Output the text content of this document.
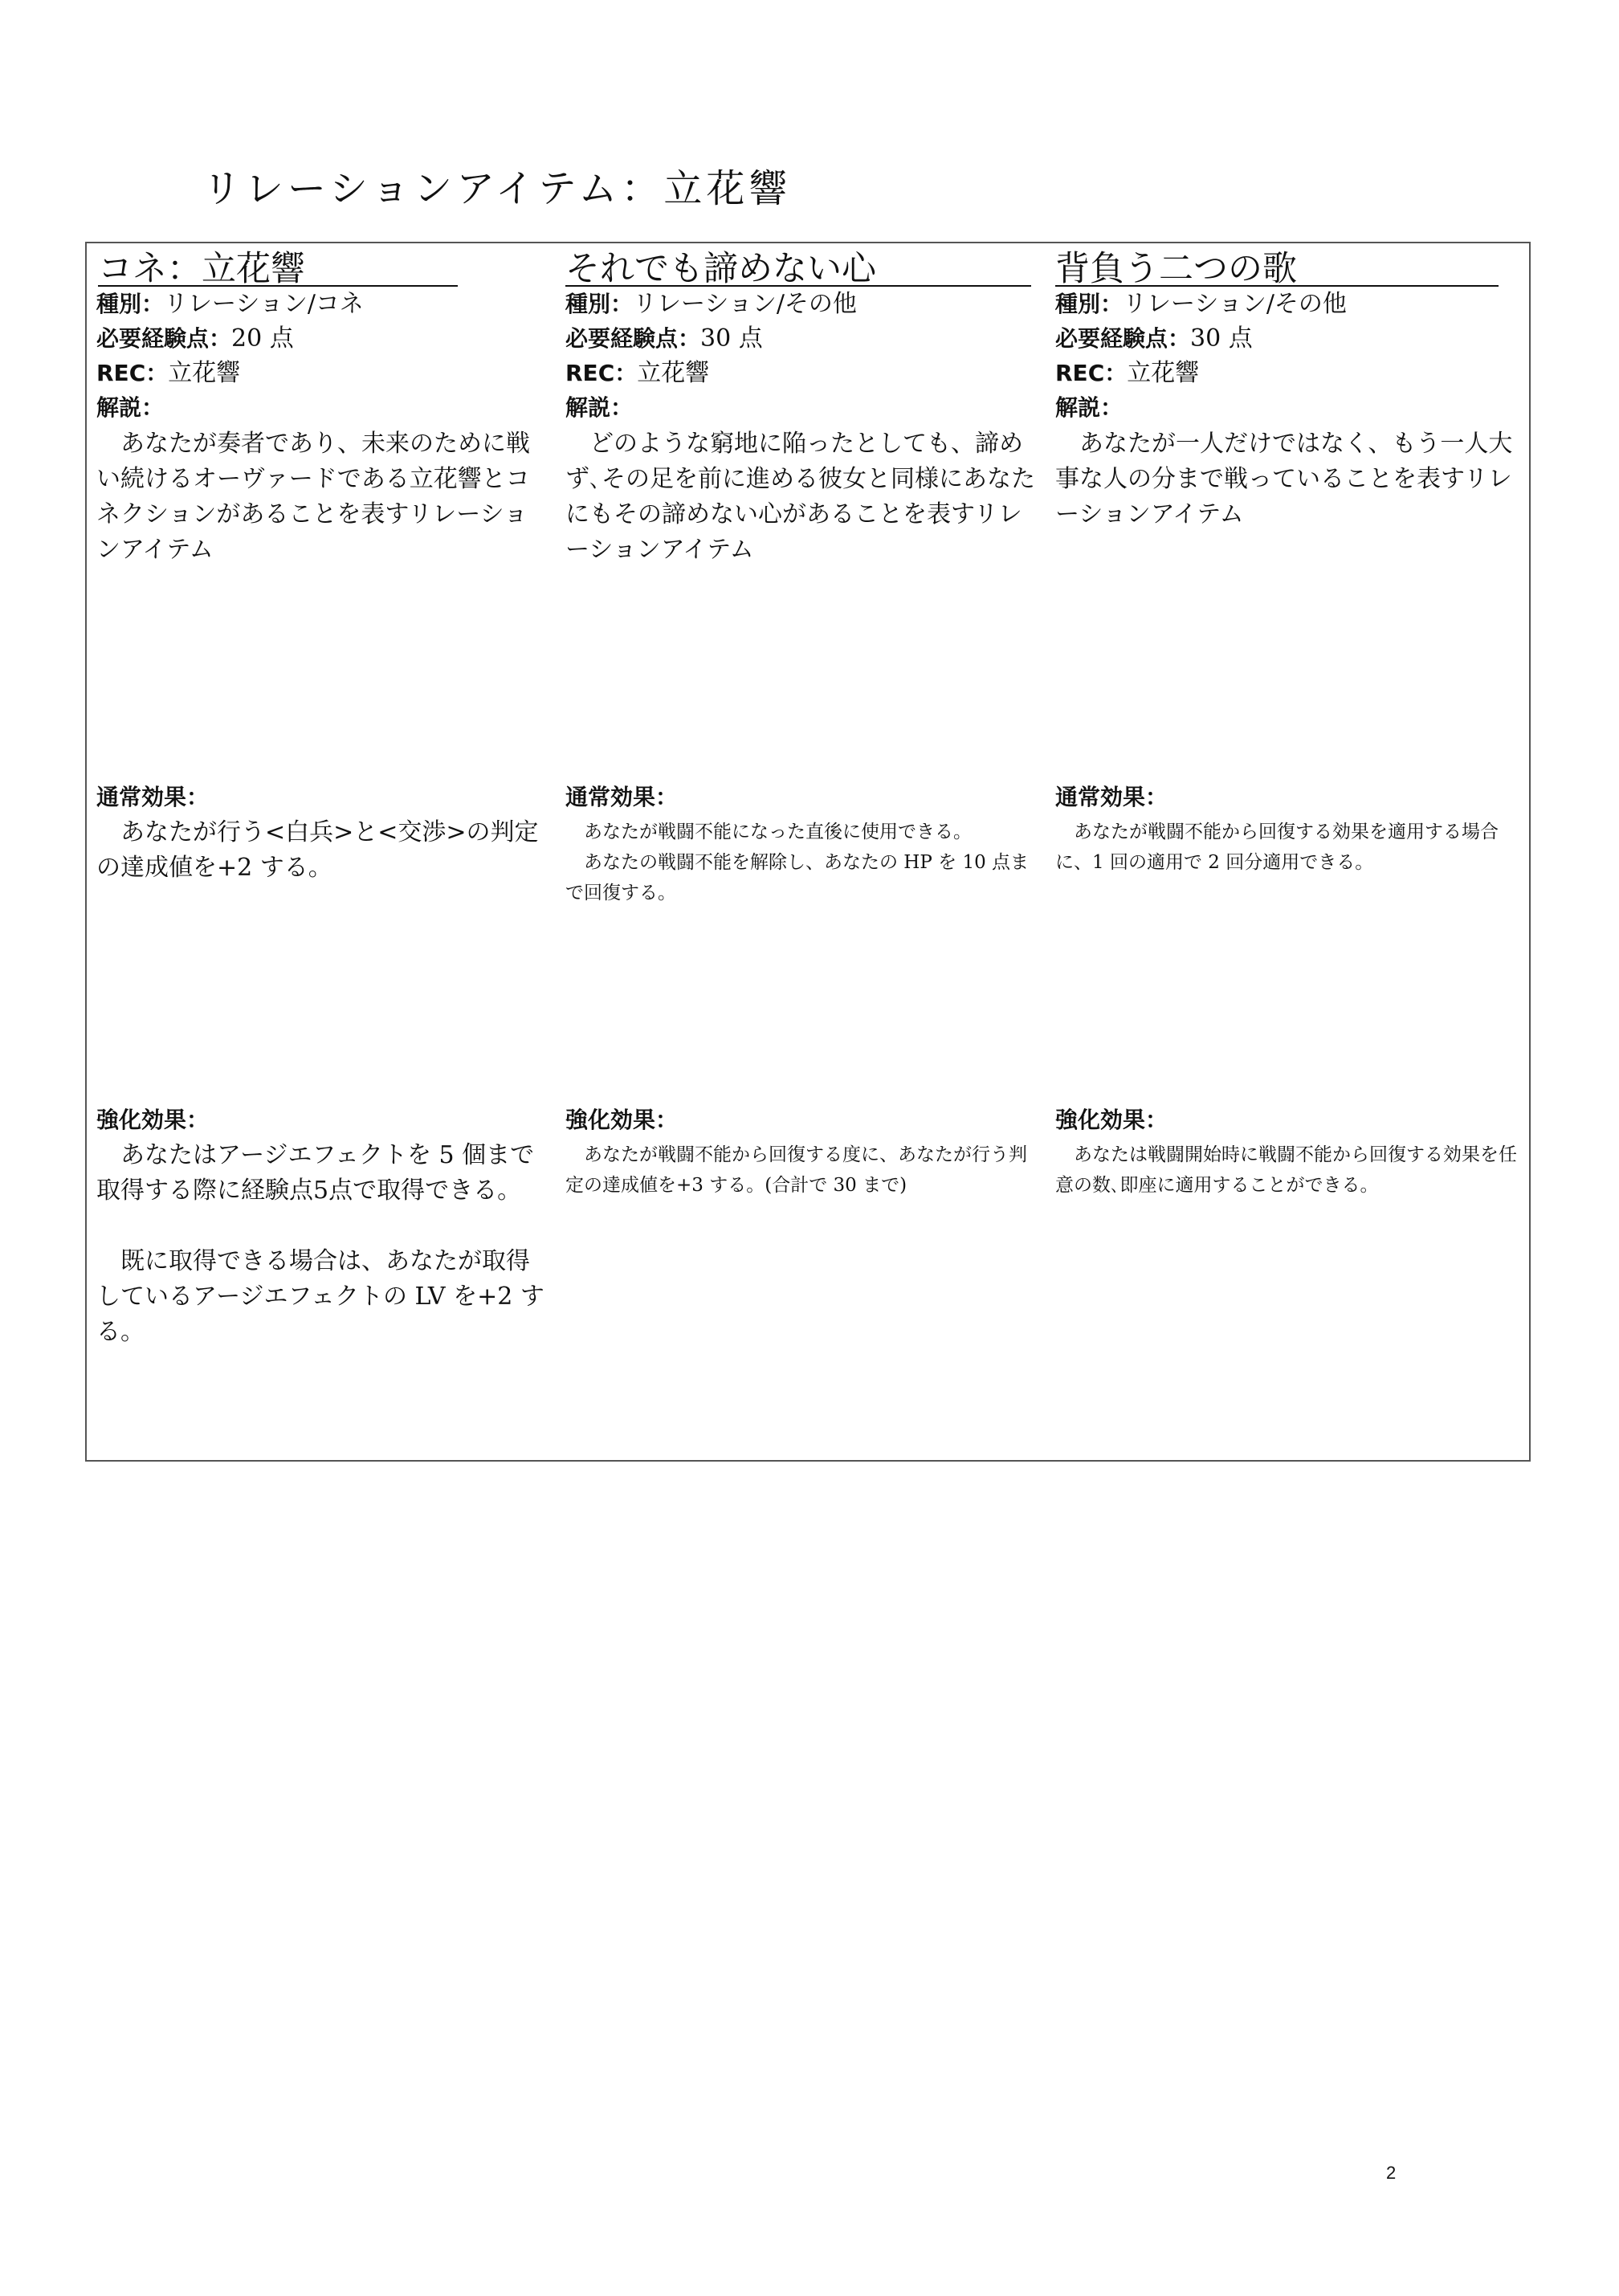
リレーションアイテム：立花響
コネ：立花響
種別：リレーション/コネ
必要経験点：20 点
REC：立花響
解説：
あなたが奏者であり、未来のために戦い続けるオーヴァードである立花響とコネクションがあることを表すリレーションアイテム
通常効果：
あなたが行う<白兵>と<交渉>の判定の達成値を+2 する。
強化効果：
あなたはアージエフェクトを 5 個まで取得する際に経験点5点で取得できる。
既に取得できる場合は、あなたが取得しているアージエフェクトの LV を+2 する。
それでも諦めない心
種別：リレーション/その他
必要経験点：30 点
REC：立花響
解説：
どのような窮地に陥ったとしても、諦めず､その足を前に進める彼女と同様にあなたにもその諦めない心があることを表すリレーションアイテム
通常効果：
あなたが戦闘不能になった直後に使用できる。
あなたの戦闘不能を解除し、あなたの HP を 10 点まで回復する。
強化効果：
あなたが戦闘不能から回復する度に、あなたが行う判定の達成値を+3 する。(合計で 30 まで)
背負う二つの歌
種別：リレーション/その他
必要経験点：30 点
REC：立花響
解説：
あなたが一人だけではなく、もう一人大事な人の分まで戦っていることを表すリレーションアイテム
通常効果：
あなたが戦闘不能から回復する効果を適用する場合に、1 回の適用で 2 回分適用できる。
強化効果：
あなたは戦闘開始時に戦闘不能から回復する効果を任意の数､即座に適用することができる。
2
